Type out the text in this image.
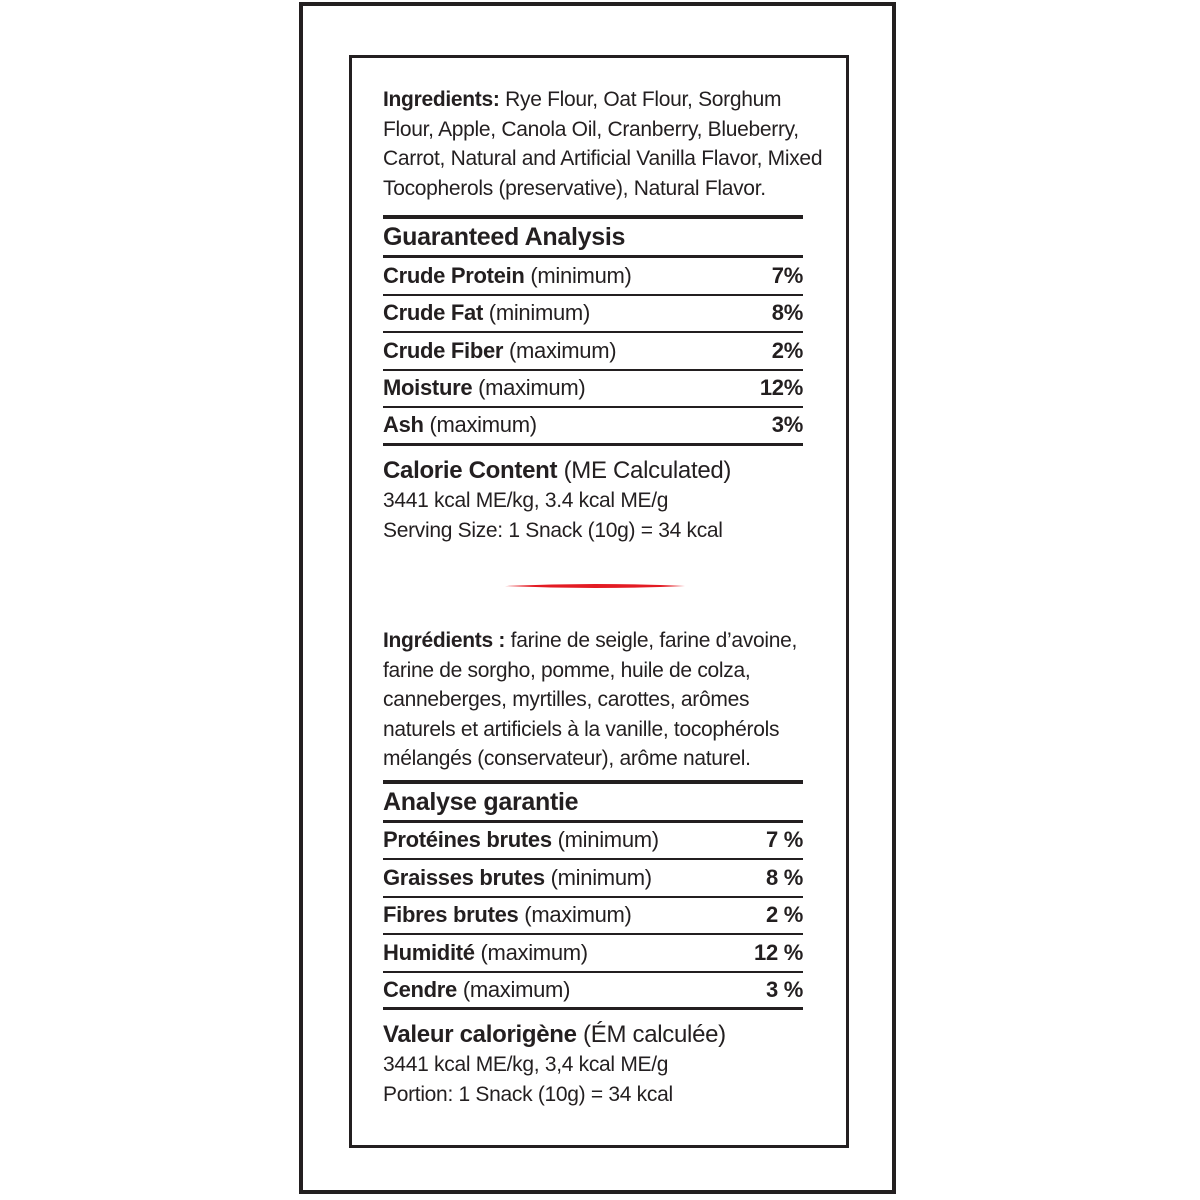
Ingredients: Rye Flour, Oat Flour, Sorghum Flour, Apple, Canola Oil, Cranberry, Blueberry, Carrot, Natural and Artificial Vanilla Flavor, Mixed Tocopherols (preservative), Natural Flavor.
Guaranteed Analysis
Crude Protein (minimum)	7%
Crude Fat (minimum)	8%
Crude Fiber (maximum)	2%
Moisture (maximum)	12%
Ash (maximum)	3%
Calorie Content (ME Calculated)
3441 kcal ME/kg, 3.4 kcal ME/g
Serving Size: 1 Snack (10g) = 34 kcal
Ingrédients : farine de seigle, farine d’avoine, farine de sorgho, pomme, huile de colza, canneberges, myrtilles, carottes, arômes naturels et artificiels à la vanille, tocophérols mélangés (conservateur), arôme naturel.
Analyse garantie
Protéines brutes (minimum)	7 %
Graisses brutes (minimum)	8 %
Fibres brutes (maximum)	2 %
Humidité (maximum)	12 %
Cendre (maximum)	3 %
Valeur calorigène (ÉM calculée)
3441 kcal ME/kg, 3,4 kcal ME/g
Portion: 1 Snack (10g) = 34 kcal
